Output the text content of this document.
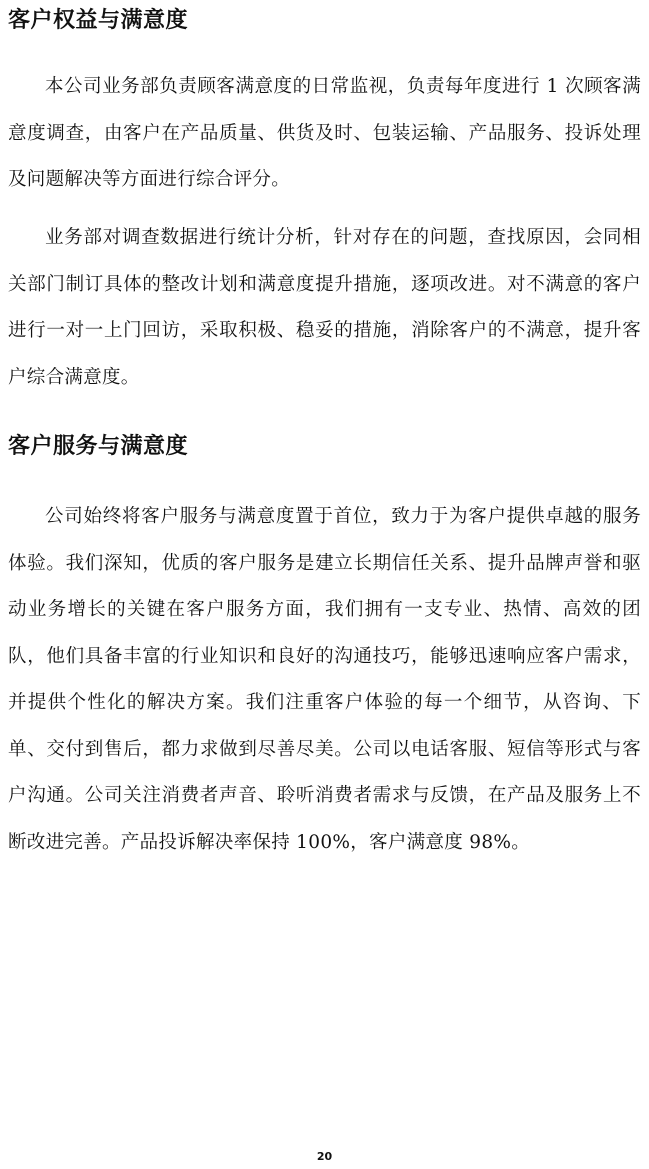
客户权益与满意度

本公司业务部负责顾客满意度的日常监视，负责每年度进行 1 次顾客满意度调查，由客户在产品质量、供货及时、包装运输、产品服务、投诉处理及问题解决等方面进行综合评分。

业务部对调查数据进行统计分析，针对存在的问题，查找原因，会同相关部门制订具体的整改计划和满意度提升措施，逐项改进。对不满意的客户进行一对一上门回访，采取积极、稳妥的措施，消除客户的不满意，提升客户综合满意度。

客户服务与满意度

公司始终将客户服务与满意度置于首位，致力于为客户提供卓越的服务体验。我们深知，优质的客户服务是建立长期信任关系、提升品牌声誉和驱动业务增长的关键在客户服务方面，我们拥有一支专业、热情、高效的团队，他们具备丰富的行业知识和良好的沟通技巧，能够迅速响应客户需求，并提供个性化的解决方案。我们注重客户体验的每一个细节，从咨询、下单、交付到售后，都力求做到尽善尽美。公司以电话客服、短信等形式与客户沟通。公司关注消费者声音、聆听消费者需求与反馈，在产品及服务上不断改进完善。产品投诉解决率保持 100%，客户满意度 98%。

20
